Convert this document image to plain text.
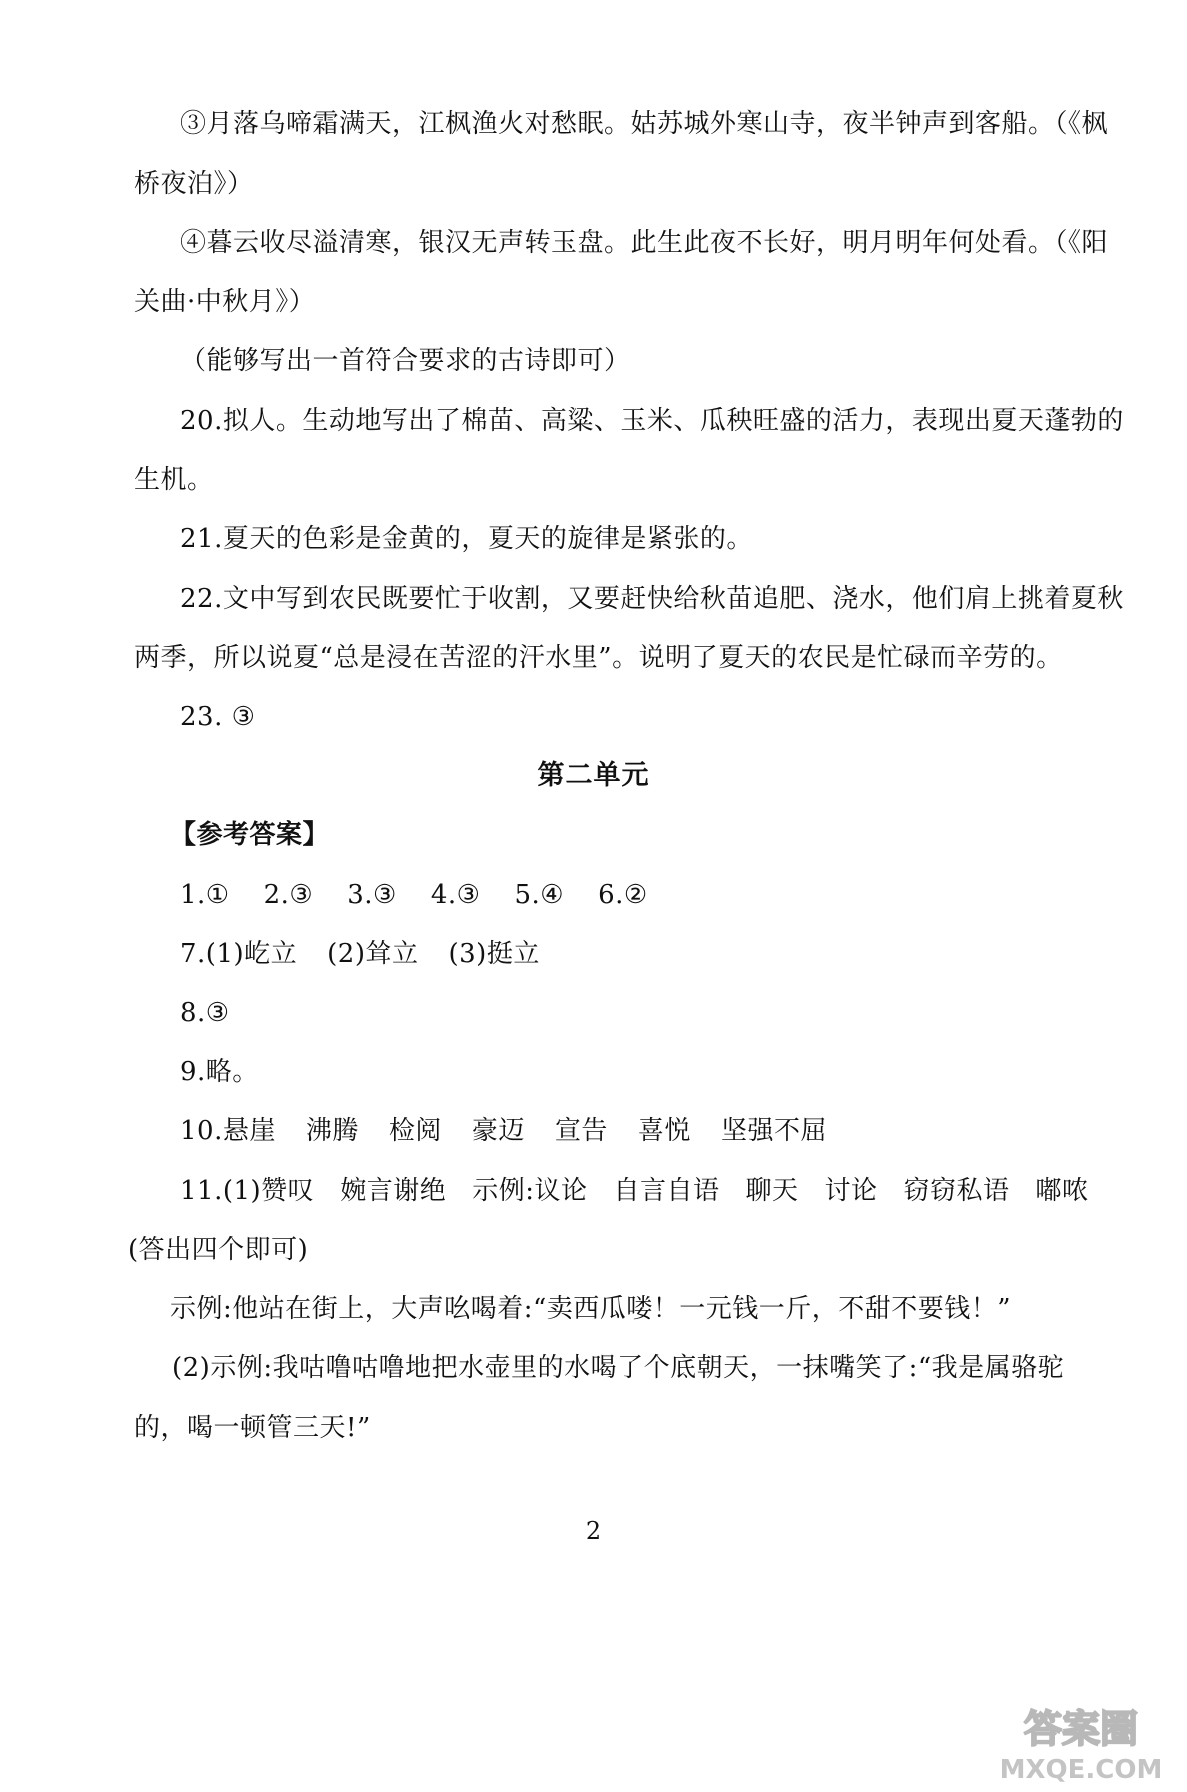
③月落乌啼霜满天，江枫渔火对愁眠。姑苏城外寒山寺，夜半钟声到客船。（《枫
桥夜泊》）
④暮云收尽溢清寒，银汉无声转玉盘。此生此夜不长好，明月明年何处看。（《阳
关曲·中秋月》）
（能够写出一首符合要求的古诗即可）
20.拟人。生动地写出了棉苗、高粱、玉米、瓜秧旺盛的活力，表现出夏天蓬勃的
生机。
21.夏天的色彩是金黄的，夏天的旋律是紧张的。
22.文中写到农民既要忙于收割，又要赶快给秋苗追肥、浇水，他们肩上挑着夏秋
两季，所以说夏“总是浸在苦涩的汗水里”。说明了夏天的农民是忙碌而辛劳的。
23. ③
第二单元
【参考答案】
1.① 2.③ 3.③ 4.③ 5.④ 6.②
7.(1)屹立 (2)耸立 (3)挺立
8.③
9.略。
10.悬崖 沸腾 检阅 豪迈 宣告 喜悦 坚强不屈
11.(1)赞叹 婉言谢绝 示例:议论 自言自语 聊天 讨论 窃窃私语 嘟哝
(答出四个即可)
示例:他站在街上，大声吆喝着:“卖西瓜喽！一元钱一斤，不甜不要钱！”
(2)示例:我咕噜咕噜地把水壶里的水喝了个底朝天，一抹嘴笑了:“我是属骆驼
的，喝一顿管三天!”
2
答案圈
MXQE.COM
